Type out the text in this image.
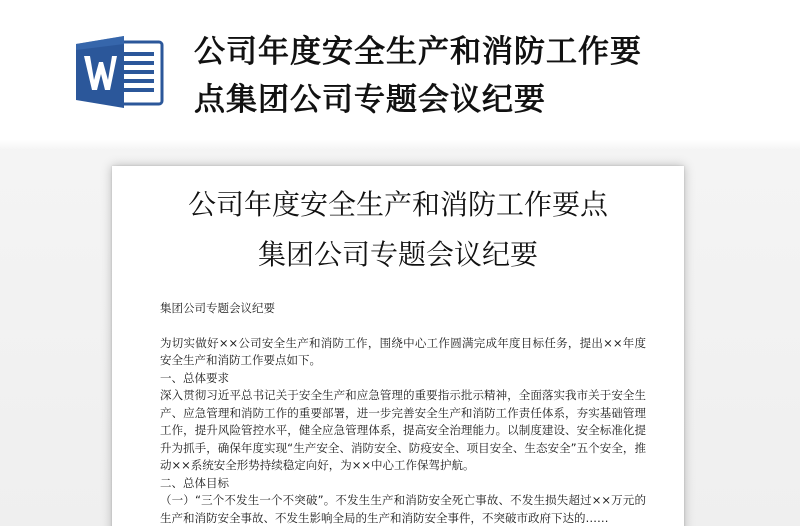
公司年度安全生产和消防工作要
点集团公司专题会议纪要
公司年度安全生产和消防工作要点
集团公司专题会议纪要

集团公司专题会议纪要

为切实做好××公司安全生产和消防工作，围绕中心工作圆满完成年度目标任务，提出××年度安全生产和消防工作要点如下。

一、总体要求

深入贯彻习近平总书记关于安全生产和应急管理的重要指示批示精神，全面落实我市关于安全生产、应急管理和消防工作的重要部署，进一步完善安全生产和消防工作责任体系，夯实基础管理工作，提升风险管控水平，健全应急管理体系，提高安全治理能力。以制度建设、安全标准化提升为抓手，确保年度实现“生产安全、消防安全、防疫安全、项目安全、生态安全”五个安全，推动××系统安全形势持续稳定向好，为××中心工作保驾护航。

二、总体目标

（一）“三个不发生一个不突破”。不发生生产和消防安全死亡事故、不发生损失超过××万元的生产和消防安全事故、不发生影响全局的生产和消防安全事件，不突破市政府下达的……
